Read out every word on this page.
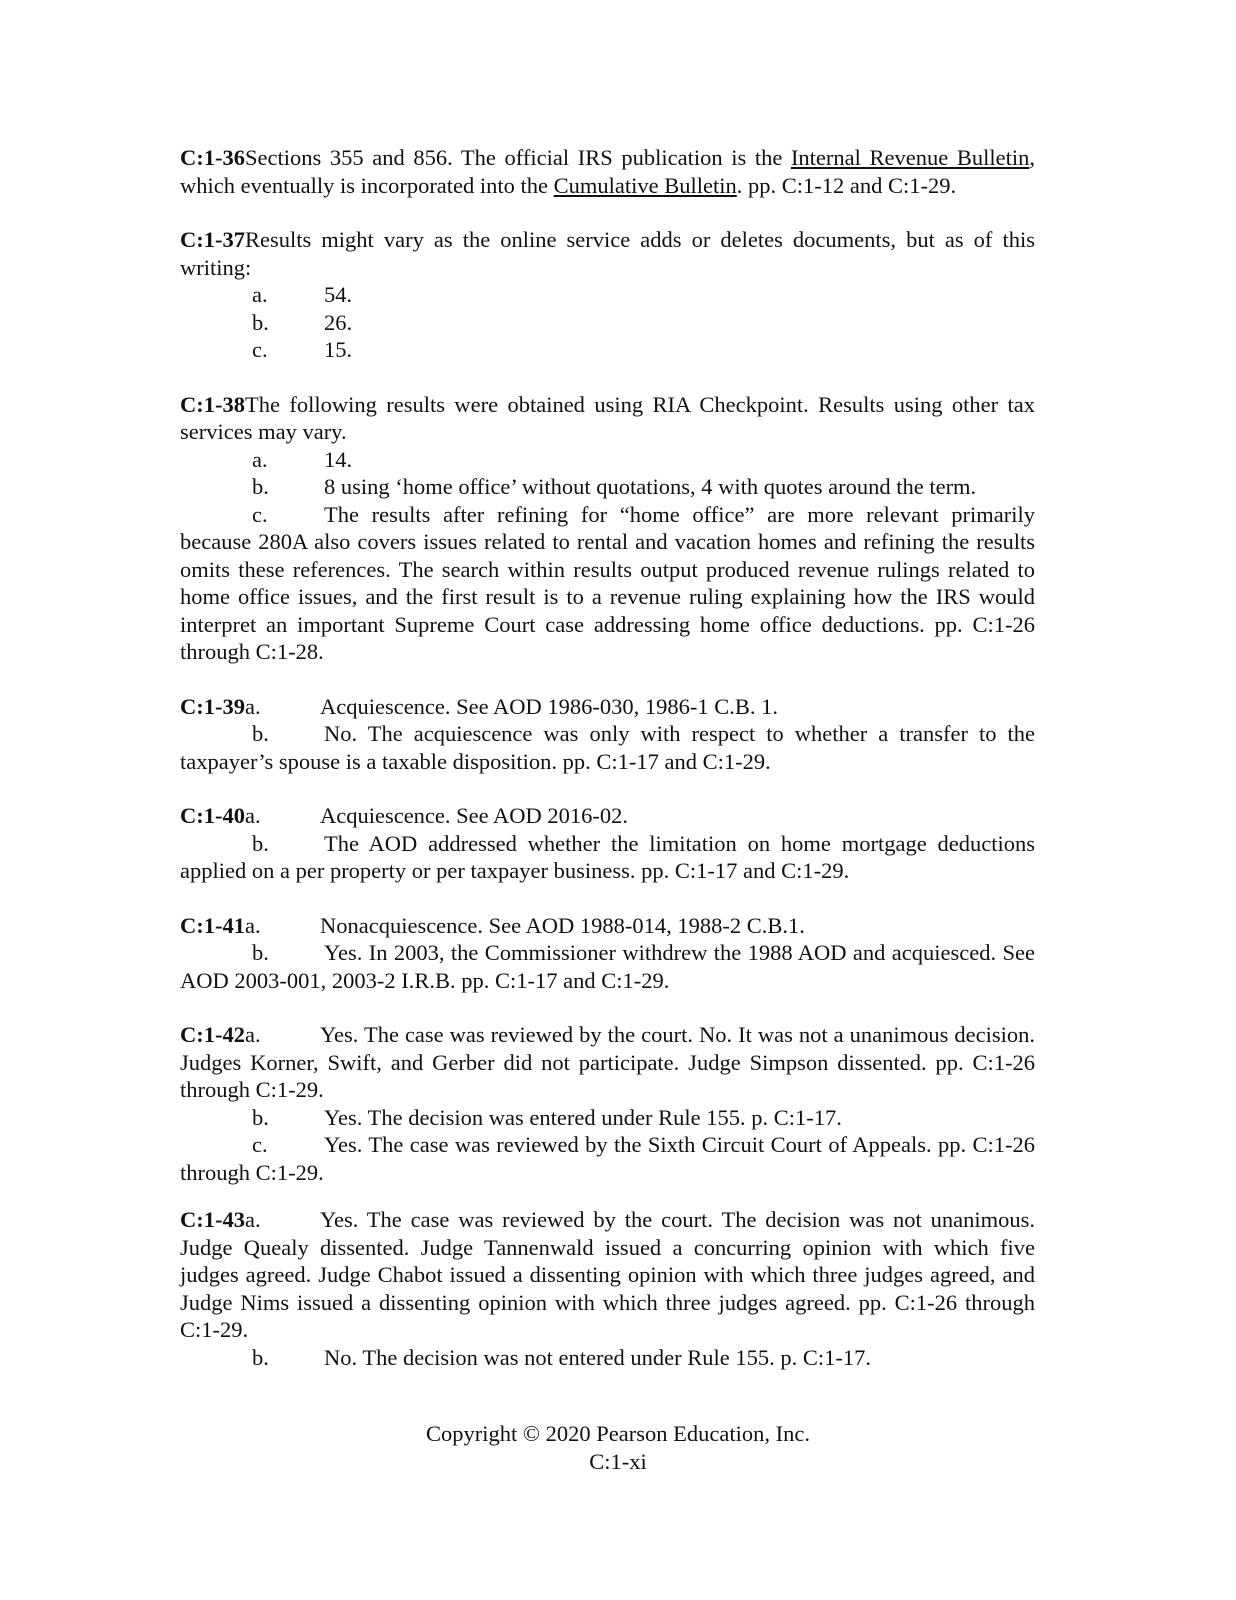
C:1-36Sections 355 and 856. The official IRS publication is the Internal Revenue Bulletin, which eventually is incorporated into the Cumulative Bulletin. pp. C:1-12 and C:1-29.

C:1-37Results might vary as the online service adds or deletes documents, but as of this writing:

a.	54.
b. 26.
c.	15.

C:1-38The following results were obtained using RIA Checkpoint. Results using other tax services may vary.

a.	14.
b. 8 using ‘home office’ without quotations, 4 with quotes around the term.

c.	The results after refining for “home office” are more relevant primarily because 280A also covers issues related to rental and vacation homes and refining the results omits these references. The search within results output produced revenue rulings related to home office issues, and the first result is to a revenue ruling explaining how the IRS would interpret an important Supreme Court case addressing home office deductions. pp. C:1-26 through C:1-28.

C:1-39a.	Acquiescence. See AOD 1986-030, 1986-1 C.B. 1.

b. No. The acquiescence was only with respect to whether a transfer to the taxpayer’s spouse is a taxable disposition. pp. C:1-17 and C:1-29.

C:1-40a.	Acquiescence. See AOD 2016-02.

b. The AOD addressed whether the limitation on home mortgage deductions applied on a per property or per taxpayer business. pp. C:1-17 and C:1-29.

C:1-41a.	Nonacquiescence. See AOD 1988-014, 1988-2 C.B.1.

b. Yes. In 2003, the Commissioner withdrew the 1988 AOD and acquiesced. See AOD 2003-001, 2003-2 I.R.B. pp. C:1-17 and C:1-29.

C:1-42a.	Yes. The case was reviewed by the court. No. It was not a unanimous decision. Judges Korner, Swift, and Gerber did not participate. Judge Simpson dissented. pp. C:1-26 through C:1-29.

b. Yes. The decision was entered under Rule 155. p. C:1-17.

c.	Yes. The case was reviewed by the Sixth Circuit Court of Appeals. pp. C:1-26 through C:1-29.

C:1-43a.	Yes. The case was reviewed by the court. The decision was not unanimous. Judge Quealy dissented. Judge Tannenwald issued a concurring opinion with which five judges agreed. Judge Chabot issued a dissenting opinion with which three judges agreed, and Judge Nims issued a dissenting opinion with which three judges agreed. pp. C:1-26 through C:1-29.

b. No. The decision was not entered under Rule 155. p. C:1-17.
Copyright © 2020 Pearson Education, Inc.
C:1-xi
